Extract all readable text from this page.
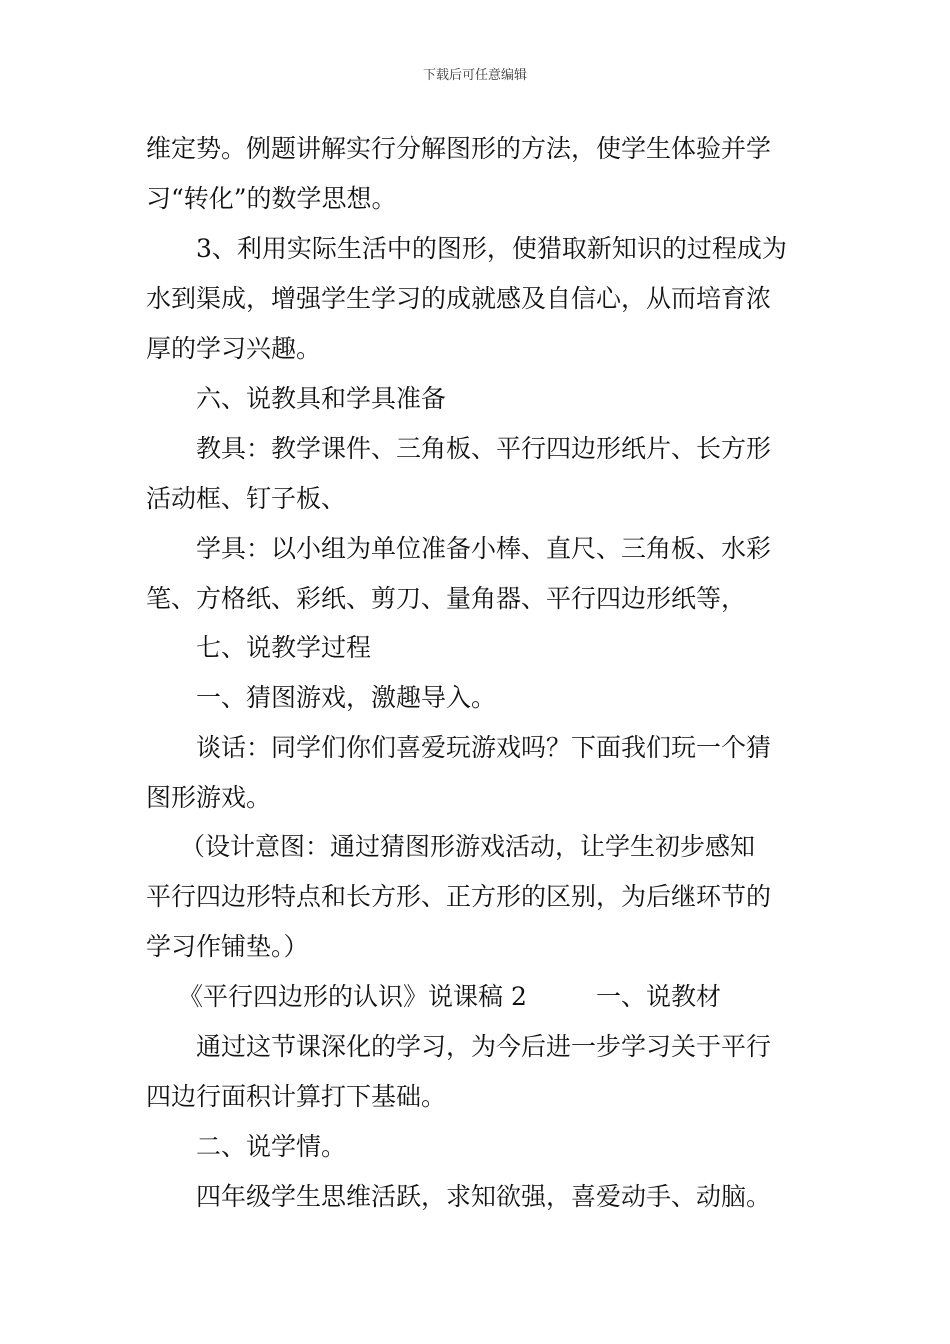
下载后可任意编辑
维定势。例题讲解实行分解图形的方法，使学生体验并学
习“转化”的数学思想。
3、利用实际生活中的图形，使猎取新知识的过程成为
水到渠成，增强学生学习的成就感及自信心，从而培育浓
厚的学习兴趣。
六、说教具和学具准备
教具：教学课件、三角板、平行四边形纸片、长方形
活动框、钉子板、
学具：以小组为单位准备小棒、直尺、三角板、水彩
笔、方格纸、彩纸、剪刀、量角器、平行四边形纸等，
七、说教学过程
一、猜图游戏，激趣导入。
谈话：同学们你们喜爱玩游戏吗？下面我们玩一个猜
图形游戏。
（设计意图：通过猜图形游戏活动，让学生初步感知
平行四边形特点和长方形、正方形的区别，为后继环节的
学习作铺垫。）
《平行四边形的认识》说课稿 2	一、说教材
通过这节课深化的学习，为今后进一步学习关于平行
四边行面积计算打下基础。
二、说学情。
四年级学生思维活跃，求知欲强，喜爱动手、动脑。
